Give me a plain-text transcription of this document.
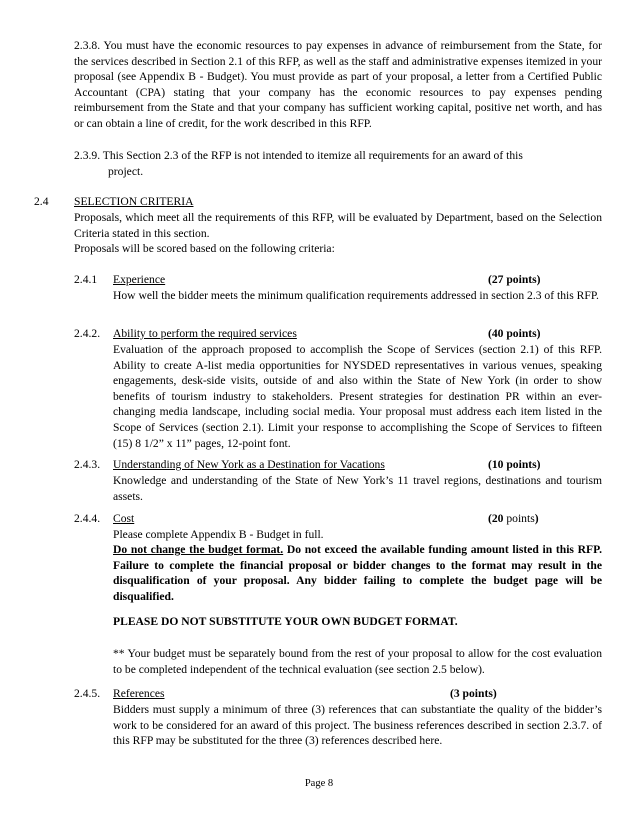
2.3.8. You must have the economic resources to pay expenses in advance of reimbursement from the State, for the services described in Section 2.1 of this RFP, as well as the staff and administrative expenses itemized in your proposal (see Appendix B - Budget). You must provide as part of your proposal, a letter from a Certified Public Accountant (CPA) stating that your company has the economic resources to pay expenses pending reimbursement from the State and that your company has sufficient working capital, positive net worth, and has or can obtain a line of credit, for the work described in this RFP.

2.3.9. This Section 2.3 of the RFP is not intended to itemize all requirements for an award of this

project.

2.4 SELECTION CRITERIA

Proposals, which meet all the requirements of this RFP, will be evaluated by Department, based on the Selection Criteria stated in this section.

Proposals will be scored based on the following criteria:

2.4.1 Experience	(27 points)

How well the bidder meets the minimum qualification requirements addressed in section 2.3 of this RFP.

2.4.2. Ability to perform the required services	(40 points)

Evaluation of the approach proposed to accomplish the Scope of Services (section 2.1) of this RFP. Ability to create A-list media opportunities for NYSDED representatives in various venues, speaking engagements, desk-side visits, outside of and also within the State of New York (in order to show benefits of tourism industry to stakeholders. Present strategies for destination PR within an ever-changing media landscape, including social media. Your proposal must address each item listed in the Scope of Services (section 2.1). Limit your response to accomplishing the Scope of Services to fifteen (15) 8 1/2” x 11” pages, 12-point font.

2.4.3. Understanding of New York as a Destination for Vacations	(10 points)

Knowledge and understanding of the State of New York’s 11 travel regions, destinations and tourism assets.

2.4.4. Cost	(20 points)

Please complete Appendix B - Budget in full.

Do not change the budget format. Do not exceed the available funding amount listed in this RFP. Failure to complete the financial proposal or bidder changes to the format may result in the disqualification of your proposal. Any bidder failing to complete the budget page will be disqualified.

PLEASE DO NOT SUBSTITUTE YOUR OWN BUDGET FORMAT.

** Your budget must be separately bound from the rest of your proposal to allow for the cost evaluation to be completed independent of the technical evaluation (see section 2.5 below).

2.4.5. References	(3 points)

Bidders must supply a minimum of three (3) references that can substantiate the quality of the bidder’s work to be considered for an award of this project. The business references described in section 2.3.7. of this RFP may be substituted for the three (3) references described here.

Page 8
